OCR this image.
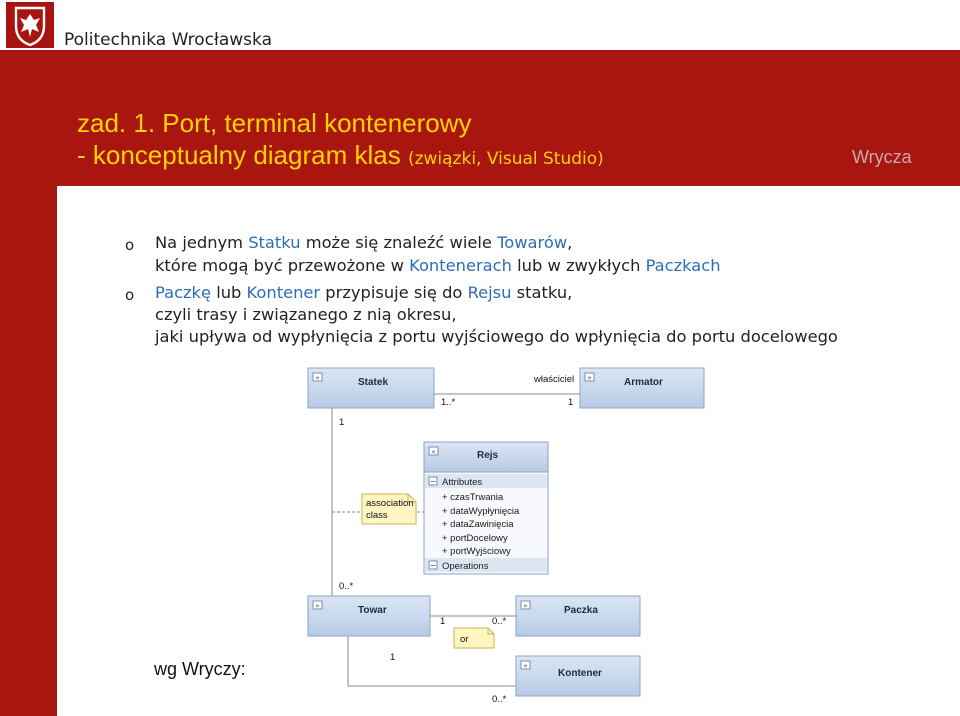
Politechnika Wrocławska
zad. 1. Port, terminal kontenerowy
- konceptualny diagram klas (związki, Visual Studio)	Wrycza
o Na jednym Statku może się znaleźć wiele Towarów,
które mogą być przewożone w Kontenerach lub w zwykłych Paczkach
o Paczkę lub Kontener przypisuje się do Rejsu statku,
czyli trasy i związanego z nią okresu,
jaki upływa od wypłynięcia z portu wyjściowego do wpłynięcia do portu docelowego
»	Statek	»	Armator
«	Rejs
− Attributes
+ czasTrwania
+ dataWypłynięcia
+ dataZawinięcia
+ portDocelowy
+ portWyjściowy
− Operations
association
class
»	Towar	»	Paczka
»
Kontener
or
właściciel
1..*	1
1
0..*
1	0..*
1
0..*
wg Wryczy:
